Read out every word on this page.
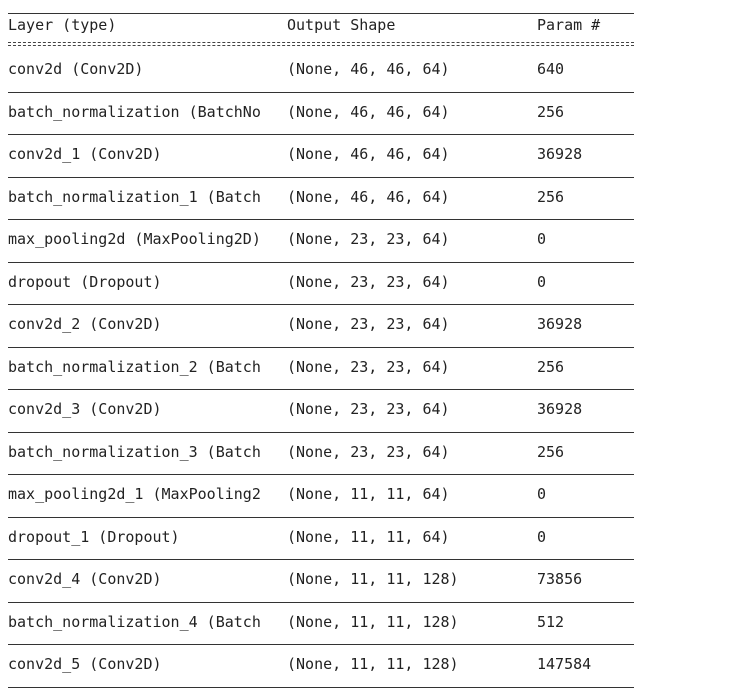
Layer (type)	Output Shape	Param #
conv2d (Conv2D)	(None, 46, 46, 64)	640
batch_normalization (BatchNo (None, 46, 46, 64)	256
conv2d_1 (Conv2D)	(None, 46, 46, 64)	36928
batch_normalization_1 (Batch (None, 46, 46, 64)	256
max_pooling2d (MaxPooling2D) (None, 23, 23, 64)	0
dropout (Dropout)	(None, 23, 23, 64)	0
conv2d_2 (Conv2D)	(None, 23, 23, 64)	36928
batch_normalization_2 (Batch (None, 23, 23, 64)	256
conv2d_3 (Conv2D)	(None, 23, 23, 64)	36928
batch_normalization_3 (Batch (None, 23, 23, 64)	256
max_pooling2d_1 (MaxPooling2 (None, 11, 11, 64)	0
dropout_1 (Dropout)	(None, 11, 11, 64)	0
conv2d_4 (Conv2D)	(None, 11, 11, 128)	73856
batch_normalization_4 (Batch (None, 11, 11, 128)	512
conv2d_5 (Conv2D)	(None, 11, 11, 128)	147584
